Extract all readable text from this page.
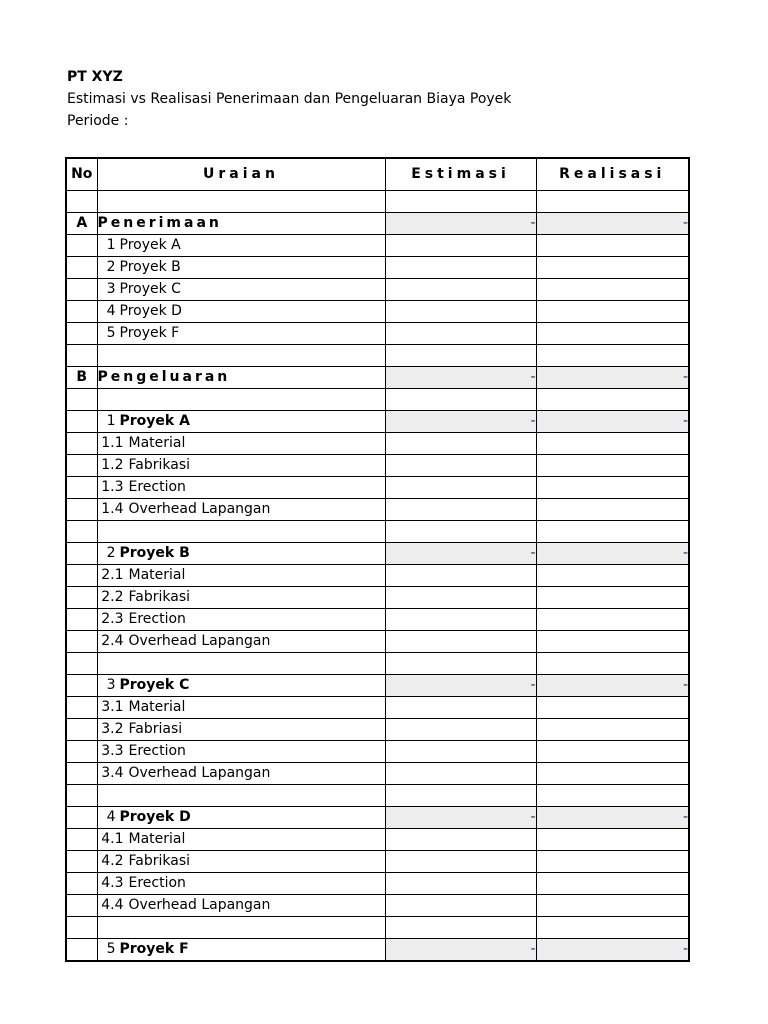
PT XYZ
Estimasi vs Realisasi Penerimaan dan Pengeluaran Biaya Poyek
Periode :
No	Uraian	Estimasi	Realisasi

A	Penerimaan	-	-
	1 Proyek A		
	2 Proyek B		
	3 Proyek C		
	4 Proyek D		
	5 Proyek F		

B	Pengeluaran	-	-

	1 Proyek A	-	-
	1.1 Material		
	1.2 Fabrikasi		
	1.3 Erection		
	1.4 Overhead Lapangan		

	2 Proyek B	-	-
	2.1 Material		
	2.2 Fabrikasi		
	2.3 Erection		
	2.4 Overhead Lapangan		

	3 Proyek C	-	-
	3.1 Material		
	3.2 Fabriasi		
	3.3 Erection		
	3.4 Overhead Lapangan		

	4 Proyek D	-	-
	4.1 Material		
	4.2 Fabrikasi		
	4.3 Erection		
	4.4 Overhead Lapangan		

	5 Proyek F	-	-
